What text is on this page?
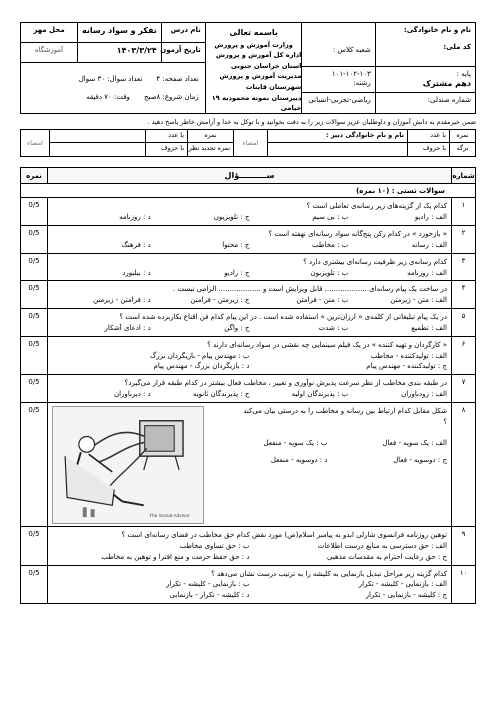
نام و نام خانوادگی:
کد ملی:
پایه :
دهم مشترک
شماره صندلی:
شعبه کلاس :
۱۰۱-۱۰۲-۱۰۳
رشته:
ریاضی-تجربی-انسانی
باسمه تعالی
وزارت آموزش و پرورش
اداره کل آموزش و پرورش استان خراسان جنوبی
مدیریت آموزش و پرورش شهرستان قاینات
دبیرستان نمونه محمودیه ۱۹ خیامی
نام درس
تفکر و سواد رسانه
محل مهر
تاریخ آزمون
۱۴۰۳/۳/۲۴
آموزشگاه
تعداد صفحه: ۴
تعداد سوال: ۳۰ سوال
زمان شروع: ۸صبح
وقت: ۷۰ دقیقه
ضمن خیرمقدم به دانش آموزان و داوطلبان عزیز سوالات زیر را به دقت بخوانید و با توکل به خدا و آرامش خاطر پاسخ دهید .
نمره
برگه
با عدد
با حروف
نام و نام خانوادگی دبیر :
امضاء
نمره
نمره تجدید نظر
با عدد
با حروف
امضاء
شماره
ســــــــــؤال
نمره
سوالات تستی : (۱۰ نمره)
۱
کدام یک از گزینه‌های زیر رسانه‌ی تعاملی است ؟
الف : رادیو
ب : بی سیم
ج : تلویزیون
د : روزنامه
0/5
۲
« بازخورد » در کدام رکن پنج‌گانه سواد رسانه‌ای نهفته است ؟
الف : رسانه
ب : مخاطب
ج : محتوا
د : فرهنگ
0/5
۳
کدام رسانه‌ی زیر ظرفیت رسانه‌ای بیشتری دارد ؟
الف : روزنامه
ب : تلویزیون
ج : رادیو
د : بیلبورد
0/5
۴
در ساخت یک پیام رسانه‌ای ................... قابل ویرایش است و ................... الزامی نیست .
الف : متن - زیرمتن
ب : متن - فرامتن
ج : زیرمتن - فرامتن
د : فرامتن - زیرمتن
0/5
۵
در یک پیام تبلیغاتی از کلمه‌ی « ارزان‌ترین » استفاده شده است . در این پیام کدام فن اقناع بکاربرده شده است ؟
الف : تطمیع
ب : شدت
ج : واگن
د : ادعای آشکار
0/5
۶
« کارگردان و تهیه کننده » در یک فیلم سینمایی چه نقشی در سواد رسانه‌ای دارند ؟
الف : تولیدکننده - مخاطب
ب : مهندس پیام - بازیگردان بزرگ
ج : تولیدکننده - مهندس پیام
د : بازیگردان بزرگ - مهندس پیام
0/5
۷
در طبقه بندی مخاطب از نظر سرعت پذیرش نوآوری و تغییر ، مخاطب فعال بیشتر در کدام طبقه قرار می‌گیرد؟
الف : زودباوران
ب : پذیرندگان اولیه
ج : پذیرندگان ثانویه
د : دیرباوران
0/5
۸
شکل مقابل کدام ارتباط بین رسانه و مخاطب را به درستی بیان می‌کند ؟
الف : یک سویه - فعال
ب : یک سویه - منفعل
ج : دوسویه - فعال
د : دوسویه - منفعل
The Social Advisor
0/5
۹
توهین روزنامه فرانسوی شارلی ابدو به پیامبر اسلام(ص) مورد نقض کدام حق مخاطب در فضای رسانه‌ای است ؟
الف : حق دسترسی به منابع درست اطلاعات
ب : حق تساوی مخاطب
ج : حق رعایت احترام به مقدسات مذهبی
د : حق حفظ حرمت و منع افترا و توهین به مخاطب
0/5
۱۰
کدام گزینه زیر مراحل تبدیل بازنمایی به کلیشه را به ترتیب درست نشان می‌دهد ؟
الف : بازنمایی - کلیشه - تکرار
ب : بازنمایی - کلیشه - تکرار
ج : کلیشه - بازنمایی - تکرار
د : کلیشه - تکرار - بازنمایی
0/5
